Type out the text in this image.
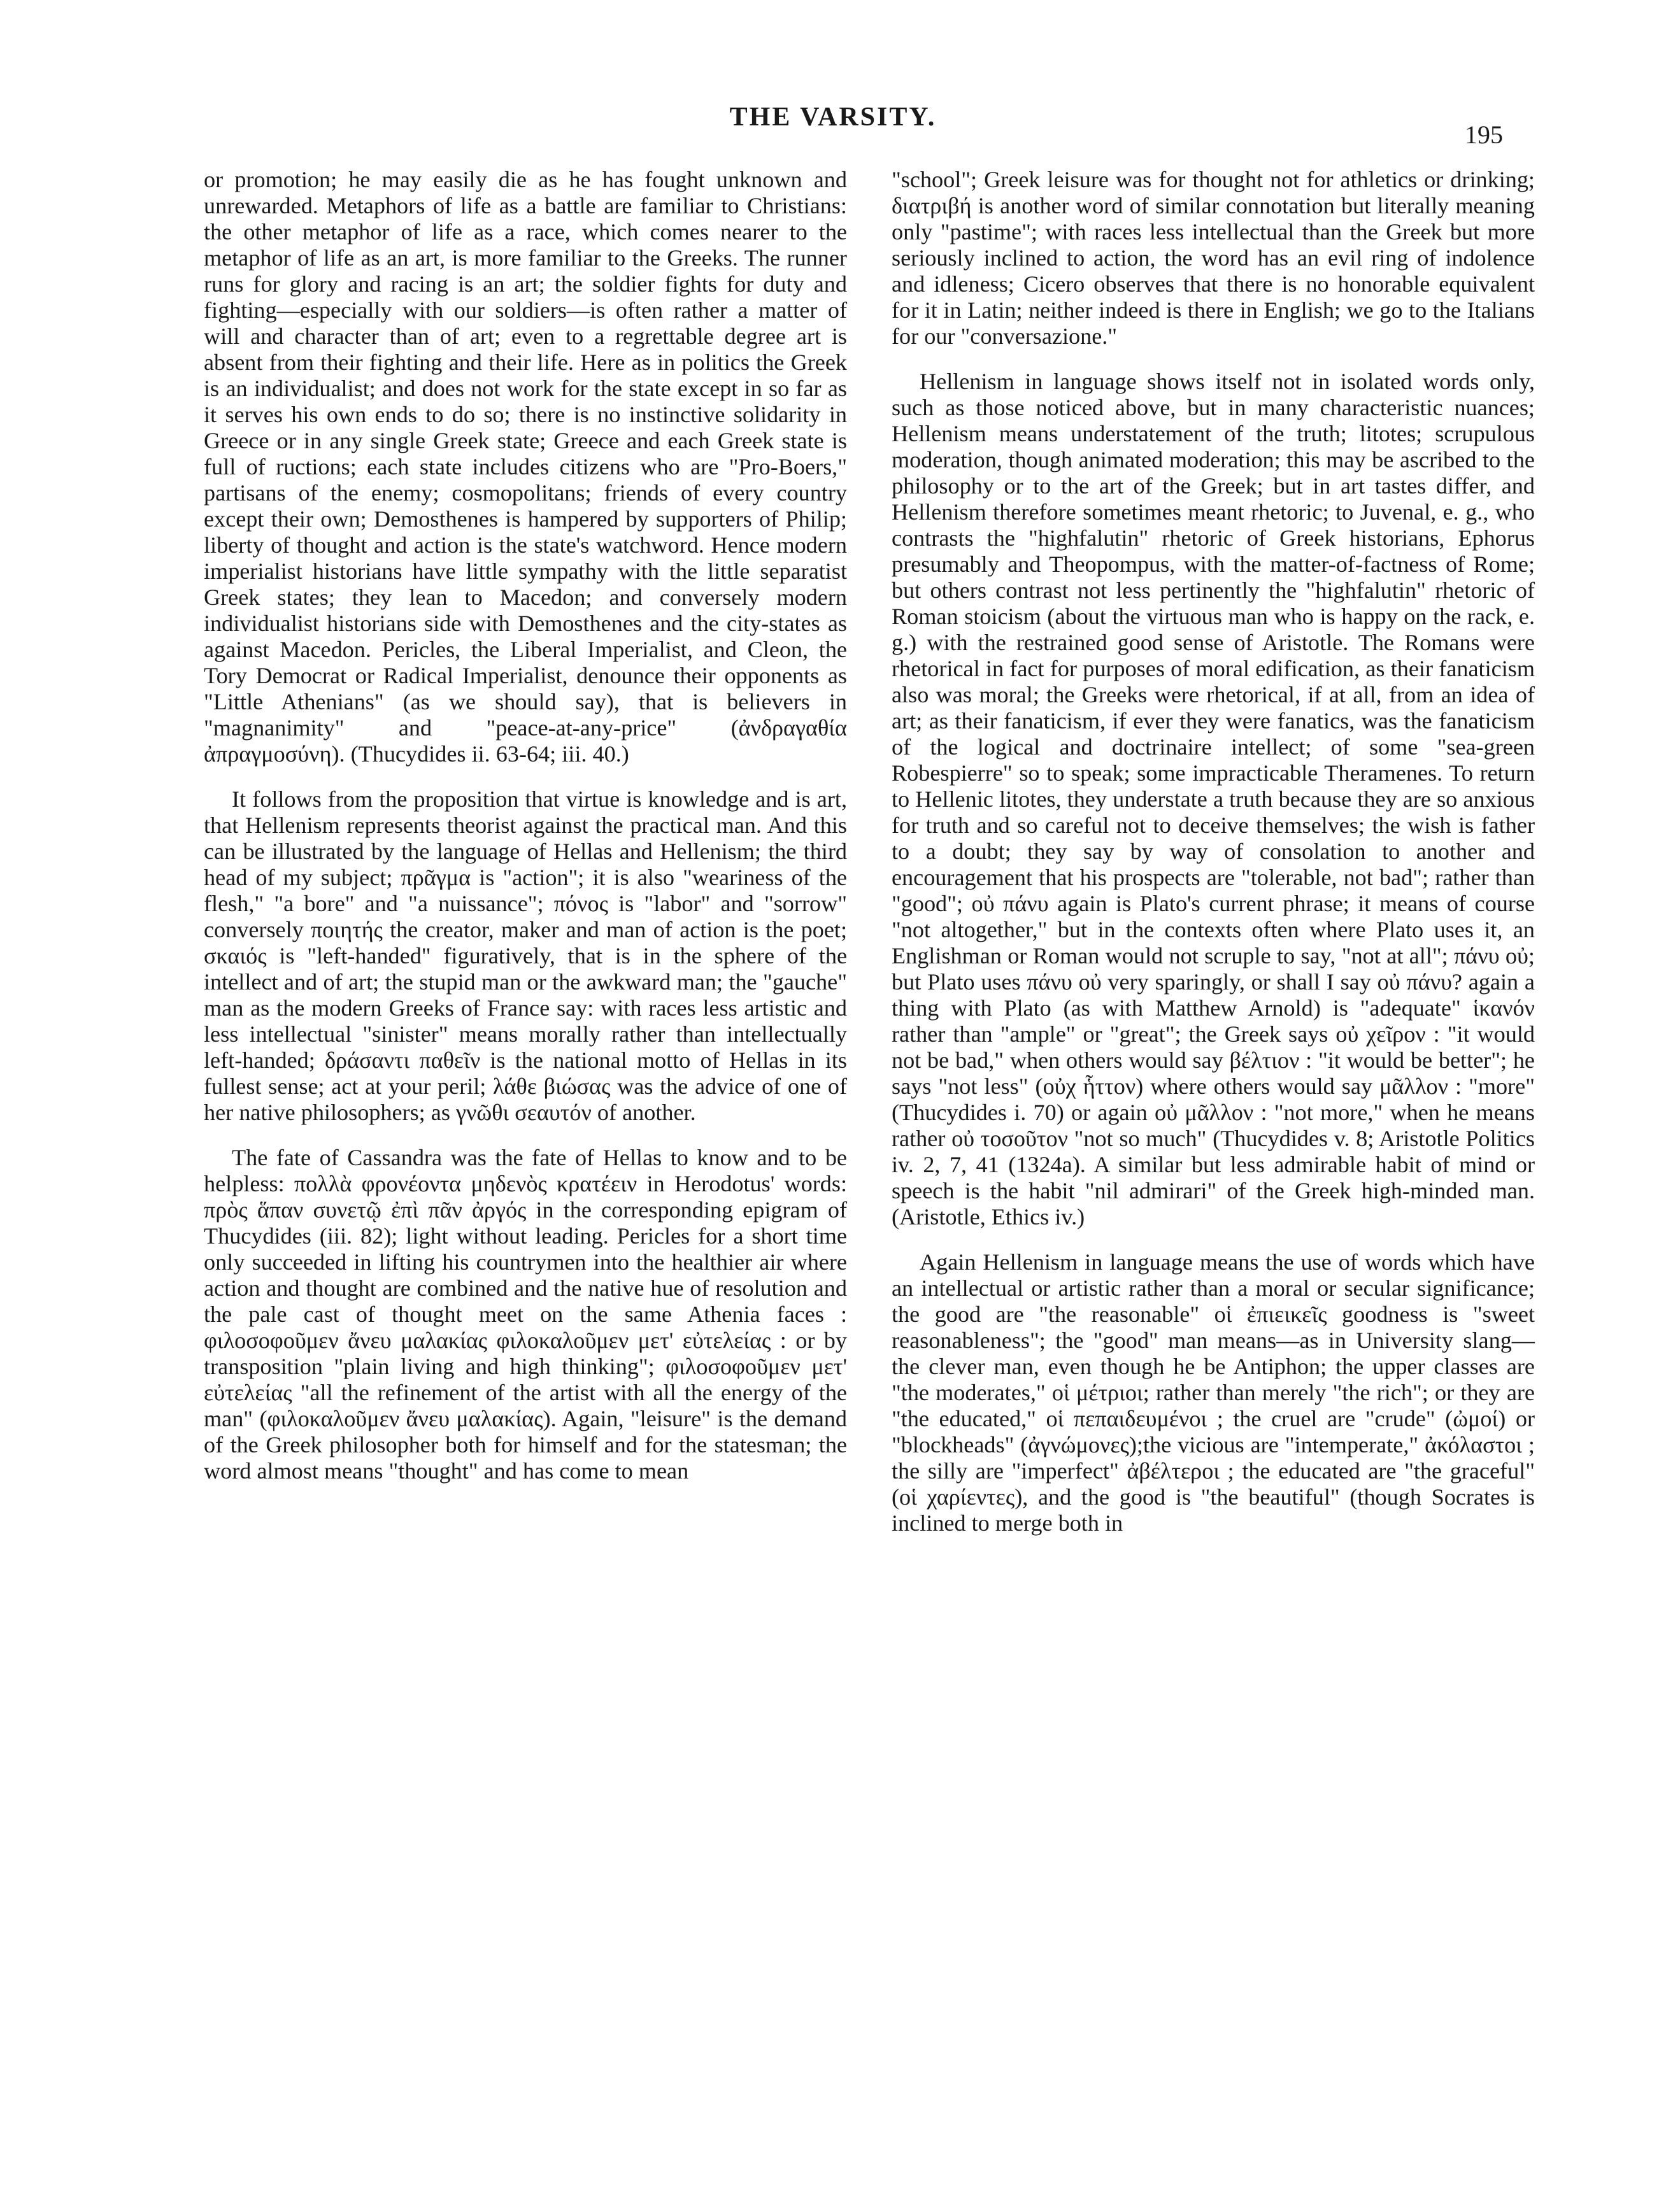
THE VARSITY.
195

or promotion; he may easily die as he has fought unknown and unrewarded. Metaphors of life as a battle are familiar to Christians: the other metaphor of life as a race, which comes nearer to the metaphor of life as an art, is more familiar to the Greeks. The runner runs for glory and racing is an art; the soldier fights for duty and fighting—especially with our soldiers—is often rather a matter of will and character than of art; even to a regrettable degree art is absent from their fighting and their life. Here as in politics the Greek is an individualist; and does not work for the state except in so far as it serves his own ends to do so; there is no instinctive solidarity in Greece or in any single Greek state; Greece and each Greek state is full of ructions; each state includes citizens who are "Pro-Boers," partisans of the enemy; cosmopolitans; friends of every country except their own; Demosthenes is hampered by supporters of Philip; liberty of thought and action is the state's watchword. Hence modern imperialist historians have little sympathy with the little separatist Greek states; they lean to Macedon; and conversely modern individualist historians side with Demosthenes and the city-states as against Macedon. Pericles, the Liberal Imperialist, and Cleon, the Tory Democrat or Radical Imperialist, denounce their opponents as "Little Athenians" (as we should say), that is believers in "magnanimity" and "peace-at-any-price" (ἀνδραγαθία ἀπραγμοσύνη). (Thucydides ii. 63-64; iii. 40.)

It follows from the proposition that virtue is knowledge and is art, that Hellenism represents theorist against the practical man. And this can be illustrated by the language of Hellas and Hellenism; the third head of my subject; πρᾶγμα is "action"; it is also "weariness of the flesh," "a bore" and "a nuissance"; πόνος is "labor" and "sorrow" conversely ποιητής the creator, maker and man of action is the poet; σκαιός is "left-handed" figuratively, that is in the sphere of the intellect and of art; the stupid man or the awkward man; the "gauche" man as the modern Greeks of France say: with races less artistic and less intellectual "sinister" means morally rather than intellectually left-handed; δράσαντι παθεῖν is the national motto of Hellas in its fullest sense; act at your peril; λάθε βιώσας was the advice of one of her native philosophers; as γνῶθι σεαυτόν of another.

The fate of Cassandra was the fate of Hellas to know and to be helpless: πολλὰ φρονέοντα μηδενὸς κρατέειν in Herodotus' words: πρὸς ἅπαν συνετῷ ἐπὶ πᾶν ἀργός in the corresponding epigram of Thucydides (iii. 82); light without leading. Pericles for a short time only succeeded in lifting his countrymen into the healthier air where action and thought are combined and the native hue of resolution and the pale cast of thought meet on the same Athenia faces : φιλοσοφοῦμεν ἄνευ μαλακίας φιλοκαλοῦμεν μετ' εὐτελείας : or by transposition "plain living and high thinking"; φιλοσοφοῦμεν μετ' εὐτελείας "all the refinement of the artist with all the energy of the man" (φιλοκαλοῦμεν ἄνευ μαλακίας). Again, "leisure" is the demand of the Greek philosopher both for himself and for the statesman; the word almost means "thought" and has come to mean

"school"; Greek leisure was for thought not for athletics or drinking; διατριβή is another word of similar connotation but literally meaning only "pastime"; with races less intellectual than the Greek but more seriously inclined to action, the word has an evil ring of indolence and idleness; Cicero observes that there is no honorable equivalent for it in Latin; neither indeed is there in English; we go to the Italians for our "conversazione."

Hellenism in language shows itself not in isolated words only, such as those noticed above, but in many characteristic nuances; Hellenism means understatement of the truth; litotes; scrupulous moderation, though animated moderation; this may be ascribed to the philosophy or to the art of the Greek; but in art tastes differ, and Hellenism therefore sometimes meant rhetoric; to Juvenal, e. g., who contrasts the "highfalutin" rhetoric of Greek historians, Ephorus presumably and Theopompus, with the matter-of-factness of Rome; but others contrast not less pertinently the "highfalutin" rhetoric of Roman stoicism (about the virtuous man who is happy on the rack, e. g.) with the restrained good sense of Aristotle. The Romans were rhetorical in fact for purposes of moral edification, as their fanaticism also was moral; the Greeks were rhetorical, if at all, from an idea of art; as their fanaticism, if ever they were fanatics, was the fanaticism of the logical and doctrinaire intellect; of some "sea-green Robespierre" so to speak; some impracticable Theramenes. To return to Hellenic litotes, they understate a truth because they are so anxious for truth and so careful not to deceive themselves; the wish is father to a doubt; they say by way of consolation to another and encouragement that his prospects are "tolerable, not bad"; rather than "good"; οὐ πάνυ again is Plato's current phrase; it means of course "not altogether," but in the contexts often where Plato uses it, an Englishman or Roman would not scruple to say, "not at all"; πάνυ οὐ; but Plato uses πάνυ οὐ very sparingly, or shall I say οὐ πάνυ? again a thing with Plato (as with Matthew Arnold) is "adequate" ἱκανόν rather than "ample" or "great"; the Greek says οὐ χεῖρον : "it would not be bad," when others would say βέλτιον : "it would be better"; he says "not less" (οὐχ ἧττον) where others would say μᾶλλον : "more" (Thucydides i. 70) or again οὐ μᾶλλον : "not more," when he means rather οὐ τοσοῦτον "not so much" (Thucydides v. 8; Aristotle Politics iv. 2, 7, 41 (1324a). A similar but less admirable habit of mind or speech is the habit "nil admirari" of the Greek high-minded man. (Aristotle, Ethics iv.)

Again Hellenism in language means the use of words which have an intellectual or artistic rather than a moral or secular significance; the good are "the reasonable" οἱ ἐπιεικεῖς goodness is "sweet reasonableness"; the "good" man means—as in University slang—the clever man, even though he be Antiphon; the upper classes are "the moderates," οἱ μέτριοι; rather than merely "the rich"; or they are "the educated," οἱ πεπαιδευμένοι ; the cruel are "crude" (ὠμοί) or "blockheads" (ἀγνώμονες);the vicious are "intemperate," ἀκόλαστοι ; the silly are "imperfect" ἀβέλτεροι ; the educated are "the graceful" (οἱ χαρίεντες), and the good is "the beautiful" (though Socrates is inclined to merge both in
